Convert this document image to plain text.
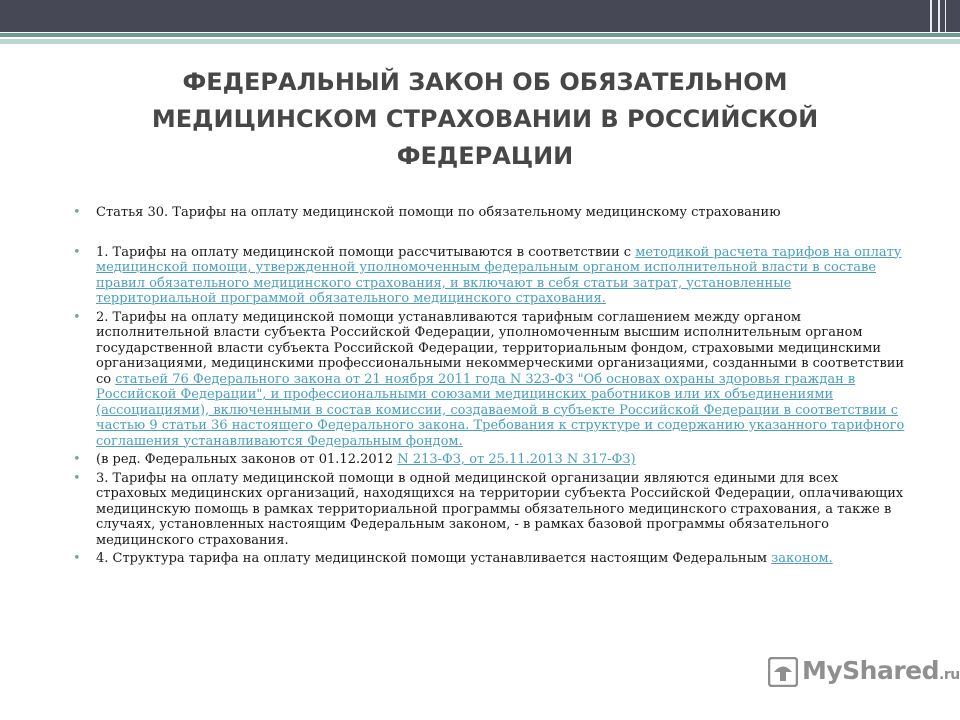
ФЕДЕРАЛЬНЫЙ ЗАКОН ОБ ОБЯЗАТЕЛЬНОМ МЕДИЦИНСКОМ СТРАХОВАНИИ В РОССИЙСКОЙ ФЕДЕРАЦИИ
• Статья 30. Тарифы на оплату медицинской помощи по обязательному медицинскому страхованию
• 1. Тарифы на оплату медицинской помощи рассчитываются в соответствии с методикой расчета тарифов на оплату медицинской помощи, утвержденной уполномоченным федеральным органом исполнительной власти в составе правил обязательного медицинского страхования, и включают в себя статьи затрат, установленные территориальной программой обязательного медицинского страхования.
• 2. Тарифы на оплату медицинской помощи устанавливаются тарифным соглашением между органом исполнительной власти субъекта Российской Федерации, уполномоченным высшим исполнительным органом государственной власти субъекта Российской Федерации, территориальным фондом, страховыми медицинскими организациями, медицинскими профессиональными некоммерческими организациями, созданными в соответствии со статьей 76 Федерального закона от 21 ноября 2011 года N 323-ФЗ "Об основах охраны здоровья граждан в Российской Федерации", и профессиональными союзами медицинских работников или их объединениями (ассоциациями), включенными в состав комиссии, создаваемой в субъекте Российской Федерации в соответствии с частью 9 статьи 36 настоящего Федерального закона. Требования к структуре и содержанию указанного тарифного соглашения устанавливаются Федеральным фондом.
• (в ред. Федеральных законов от 01.12.2012 N 213-ФЗ, от 25.11.2013 N 317-ФЗ)
• 3. Тарифы на оплату медицинской помощи в одной медицинской организации являются едиными для всех страховых медицинских организаций, находящихся на территории субъекта Российской Федерации, оплачивающих медицинскую помощь в рамках территориальной программы обязательного медицинского страхования, а также в случаях, установленных настоящим Федеральным законом, - в рамках базовой программы обязательного медицинского страхования.
• 4. Структура тарифа на оплату медицинской помощи устанавливается настоящим Федеральным законом.
MyShared.ru
